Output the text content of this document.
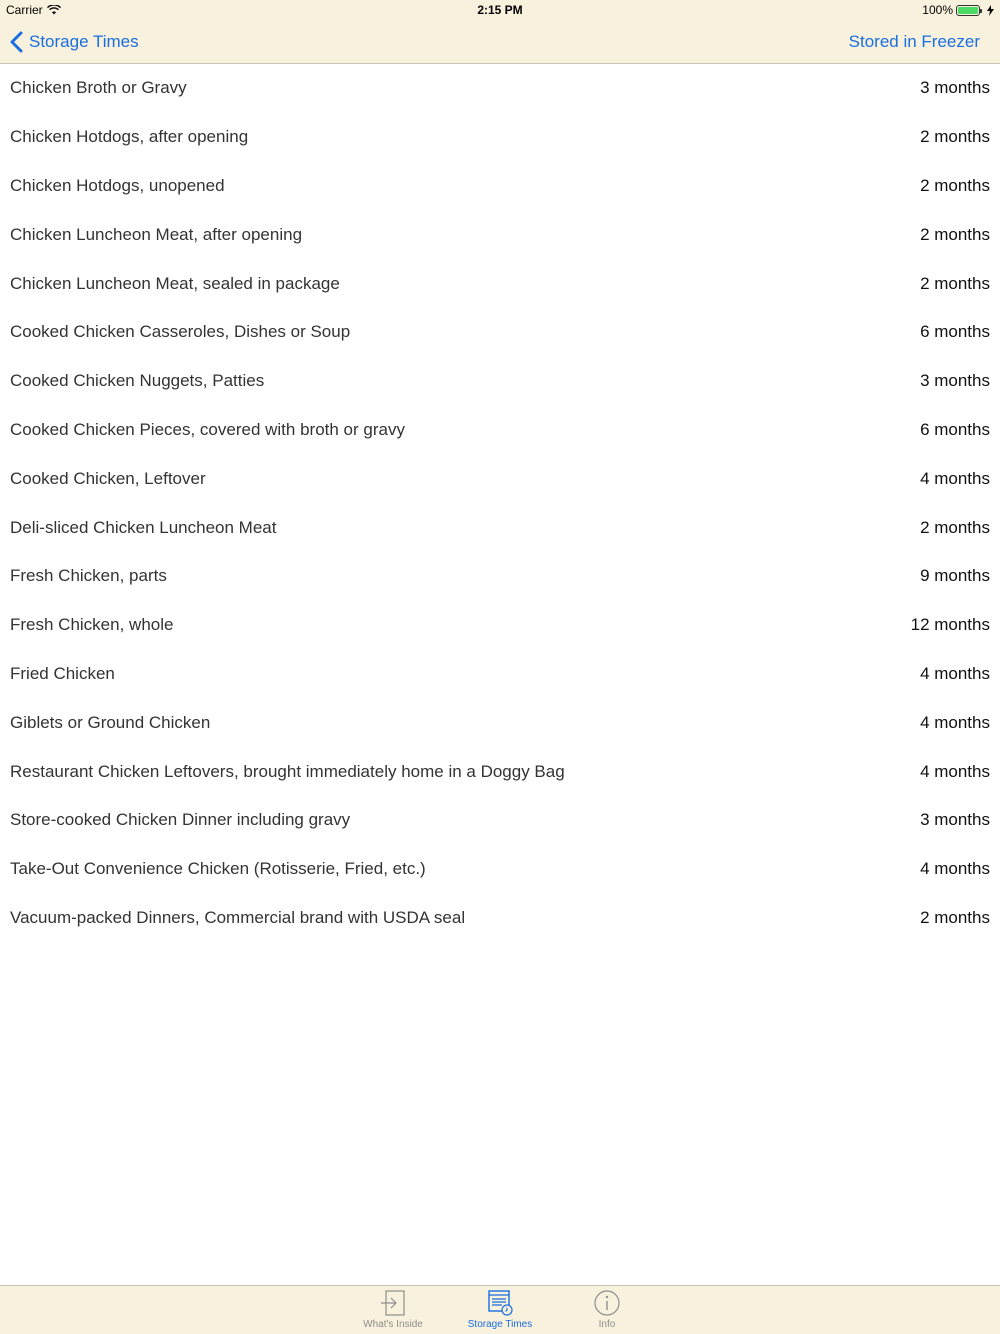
Carrier	2:15 PM	100%
Storage Times	Stored in Freezer
Chicken Broth or Gravy	3 months
Chicken Hotdogs, after opening	2 months
Chicken Hotdogs, unopened	2 months
Chicken Luncheon Meat, after opening	2 months
Chicken Luncheon Meat, sealed in package	2 months
Cooked Chicken Casseroles, Dishes or Soup	6 months
Cooked Chicken Nuggets, Patties	3 months
Cooked Chicken Pieces, covered with broth or gravy	6 months
Cooked Chicken, Leftover	4 months
Deli-sliced Chicken Luncheon Meat	2 months
Fresh Chicken, parts	9 months
Fresh Chicken, whole	12 months
Fried Chicken	4 months
Giblets or Ground Chicken	4 months
Restaurant Chicken Leftovers, brought immediately home in a Doggy Bag	4 months
Store-cooked Chicken Dinner including gravy	3 months
Take-Out Convenience Chicken (Rotisserie, Fried, etc.)	4 months
Vacuum-packed Dinners, Commercial brand with USDA seal	2 months
What's Inside	Storage Times	Info
